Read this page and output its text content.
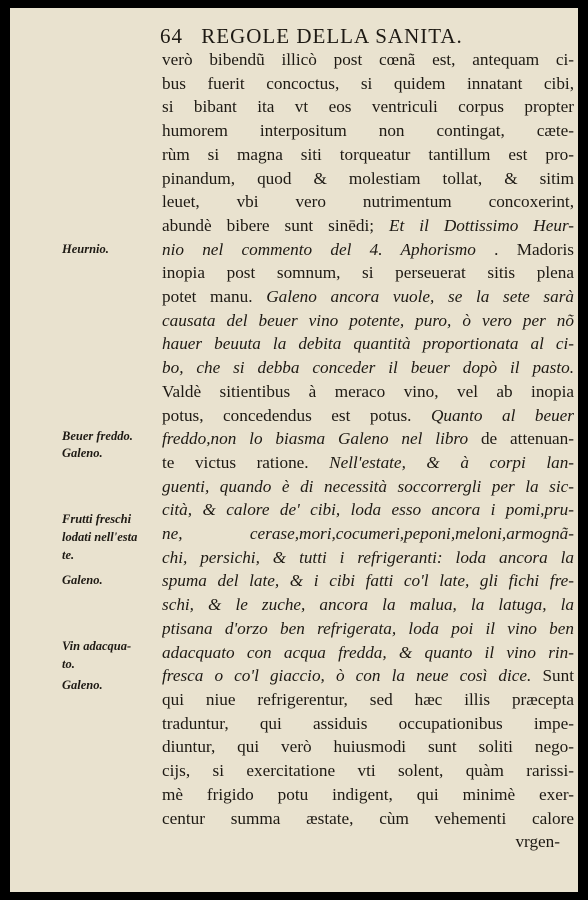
64 REGOLE DELLA SANITA.
Heurnio.
Beuer freddo.
Galeno.
Frutti freschi
lodati nell'esta
te.
Galeno.
Vin adacqua-
to.
Galeno.
verò bibendũ illicò post cœnã est, antequam ci-
bus fuerit concoctus, si quidem innatant cibi,
si bibant ita vt eos ventriculi corpus propter
humorem interpositum non contingat, cæte-
rùm si magna siti torqueatur tantillum est pro-
pinandum, quod & molestiam tollat, & sitim
leuet, vbi vero nutrimentum concoxerint,
abundè bibere sunt sinēdi; Et il Dottissimo Heur-
nio nel commento del 4. Aphorismo . Madoris
inopia post somnum, si perseuerat sitis plena
potet manu. Galeno ancora vuole, se la sete sarà
causata del beuer vino potente, puro, ò vero per nõ
hauer beuuta la debita quantità proportionata al ci-
bo, che si debba conceder il beuer dopò il pasto.
Valdè sitientibus à meraco vino, vel ab inopia
potus, concedendus est potus. Quanto al beuer
freddo,non lo biasma Galeno nel libro de attenuan-
te victus ratione. Nell'estate, & à corpi lan-
guenti, quando è di necessità soccorrergli per la sic-
cità, & calore de' cibi, loda esso ancora i pomi,pru-
ne, cerase,mori,cocumeri,peponi,meloni,armognã-
chi, persichi, & tutti i refrigeranti: loda ancora la
spuma del late, & i cibi fatti co'l late, gli fichi fre-
schi, & le zuche, ancora la malua, la latuga, la
ptisana d'orzo ben refrigerata, loda poi il vino ben
adacquato con acqua fredda, & quanto il vino rin-
fresca o co'l giaccio, ò con la neue così dice. Sunt
qui niue refrigerentur, sed hæc illis præcepta
traduntur, qui assiduis occupationibus impe-
diuntur, qui verò huiusmodi sunt soliti nego-
cijs, si exercitatione vti solent, quàm rarissi-
mè frigido potu indigent, qui minimè exer-
centur summa æstate, cùm vehementi calore
vrgen-
